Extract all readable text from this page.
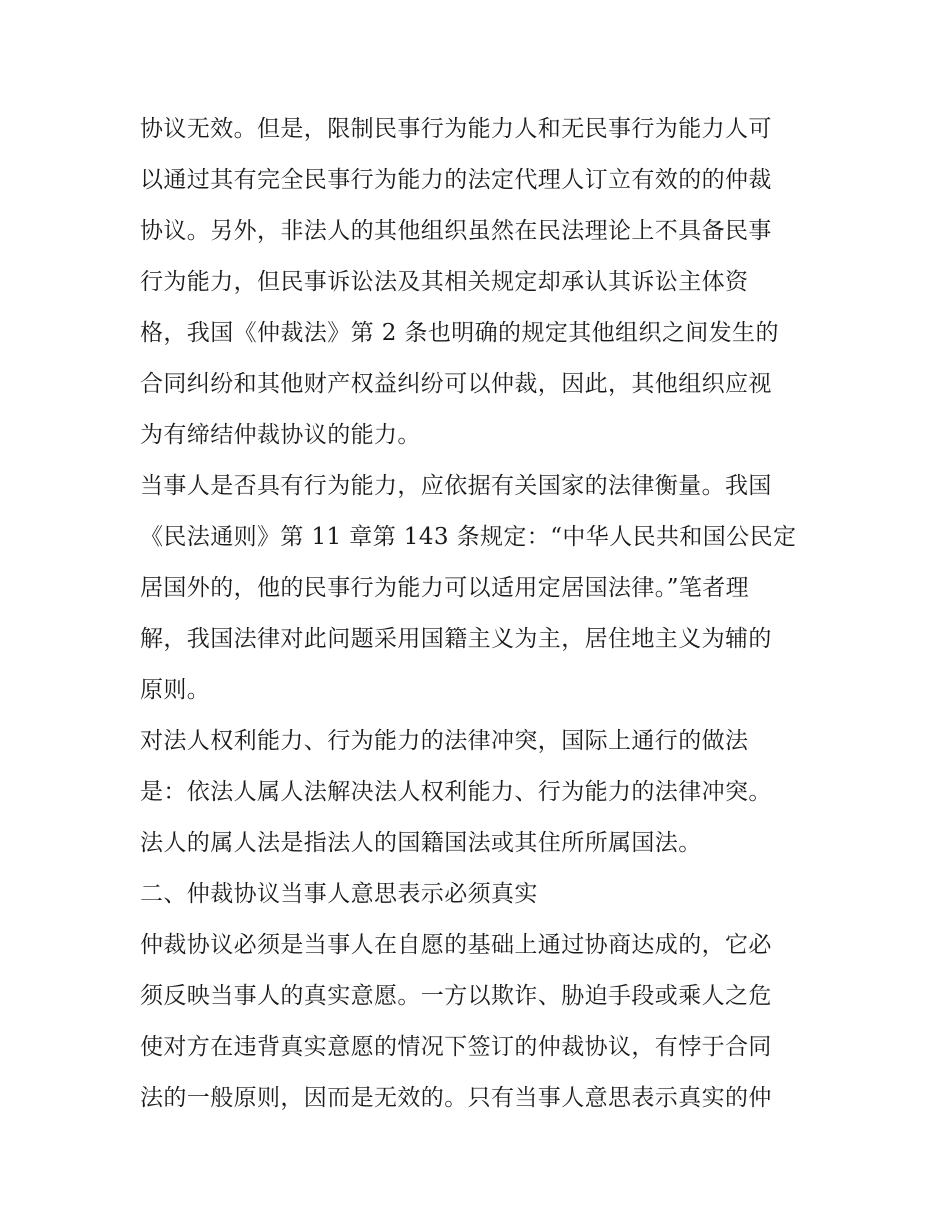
协议无效。但是，限制民事行为能力人和无民事行为能力人可
以通过其有完全民事行为能力的法定代理人订立有效的的仲裁
协议。另外，非法人的其他组织虽然在民法理论上不具备民事
行为能力，但民事诉讼法及其相关规定却承认其诉讼主体资
格，我国《仲裁法》第 2 条也明确的规定其他组织之间发生的
合同纠纷和其他财产权益纠纷可以仲裁，因此，其他组织应视
为有缔结仲裁协议的能力。
当事人是否具有行为能力，应依据有关国家的法律衡量。我国
《民法通则》第 11 章第 143 条规定：“中华人民共和国公民定
居国外的，他的民事行为能力可以适用定居国法律。”笔者理
解，我国法律对此问题采用国籍主义为主，居住地主义为辅的
原则。
对法人权利能力、行为能力的法律冲突，国际上通行的做法
是：依法人属人法解决法人权利能力、行为能力的法律冲突。
法人的属人法是指法人的国籍国法或其住所所属国法。
二、仲裁协议当事人意思表示必须真实
仲裁协议必须是当事人在自愿的基础上通过协商达成的，它必
须反映当事人的真实意愿。一方以欺诈、胁迫手段或乘人之危
使对方在违背真实意愿的情况下签订的仲裁协议，有悖于合同
法的一般原则，因而是无效的。只有当事人意思表示真实的仲
